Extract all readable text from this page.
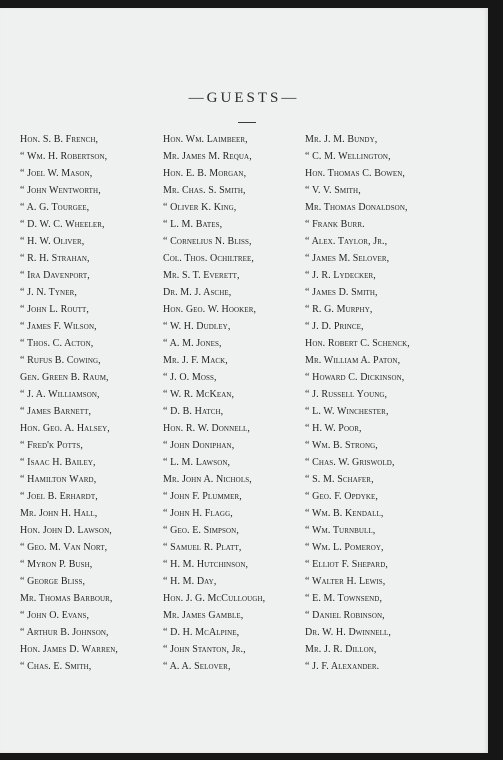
—GUESTS—
Hon. S. B. French,
“ Wm. H. Robertson,
“ Joel W. Mason,
“ John Wentworth,
“ A. G. Tourgee,
“ D. W. C. Wheeler,
“ H. W. Oliver,
“ R. H. Strahan,
“ Ira Davenport,
“ J. N. Tyner,
“ John L. Routt,
“ James F. Wilson,
“ Thos. C. Acton,
“ Rufus B. Cowing,
Gen. Green B. Raum,
“ J. A. Williamson,
“ James Barnett,
Hon. Geo. A. Halsey,
“ Fred'k Potts,
“ Isaac H. Bailey,
“ Hamilton Ward,
“ Joel B. Erhardt,
Mr. John H. Hall,
Hon. John D. Lawson,
“ Geo. M. Van Nort,
“ Myron P. Bush,
“ George Bliss,
Mr. Thomas Barbour,
“ John O. Evans,
“ Arthur B. Johnson,
Hon. James D. Warren,
“ Chas. E. Smith,
Hon. Wm. Laimbeer,
Mr. James M. Requa,
Hon. E. B. Morgan,
Mr. Chas. S. Smith,
“ Oliver K. King,
“ L. M. Bates,
“ Cornelius N. Bliss,
Col. Thos. Ochiltree,
Mr. S. T. Everett,
Dr. M. J. Asche,
Hon. Geo. W. Hooker,
“ W. H. Dudley,
“ A. M. Jones,
Mr. J. F. Mack,
“ J. O. Moss,
“ W. R. McKean,
“ D. B. Hatch,
Hon. R. W. Donnell,
“ John Doniphan,
“ L. M. Lawson,
Mr. John A. Nichols,
“ John F. Plummer,
“ John H. Flagg,
“ Geo. E. Simpson,
“ Samuel R. Platt,
“ H. M. Hutchinson,
“ H. M. Day,
Hon. J. G. McCullough,
Mr. James Gamble,
“ D. H. McAlpine,
“ John Stanton, Jr.,
“ A. A. Selover,
Mr. J. M. Bundy,
“ C. M. Wellington,
Hon. Thomas C. Bowen,
“ V. V. Smith,
Mr. Thomas Donaldson,
“ Frank Burr.
“ Alex. Taylor, Jr.,
“ James M. Selover,
“ J. R. Lydecker,
“ James D. Smith,
“ R. G. Murphy,
“ J. D. Prince,
Hon. Robert C. Schenck,
Mr. William A. Paton,
“ Howard C. Dickinson,
“ J. Russell Young,
“ L. W. Winchester,
“ H. W. Poor,
“ Wm. B. Strong,
“ Chas. W. Griswold,
“ S. M. Schafer,
“ Geo. F. Opdyke,
“ Wm. B. Kendall,
“ Wm. Turnbull,
“ Wm. L. Pomeroy,
“ Elliot F. Shepard,
“ Walter H. Lewis,
“ E. M. Townsend,
“ Daniel Robinson,
Dr. W. H. Dwinnell,
Mr. J. R. Dillon,
“ J. F. Alexander.
